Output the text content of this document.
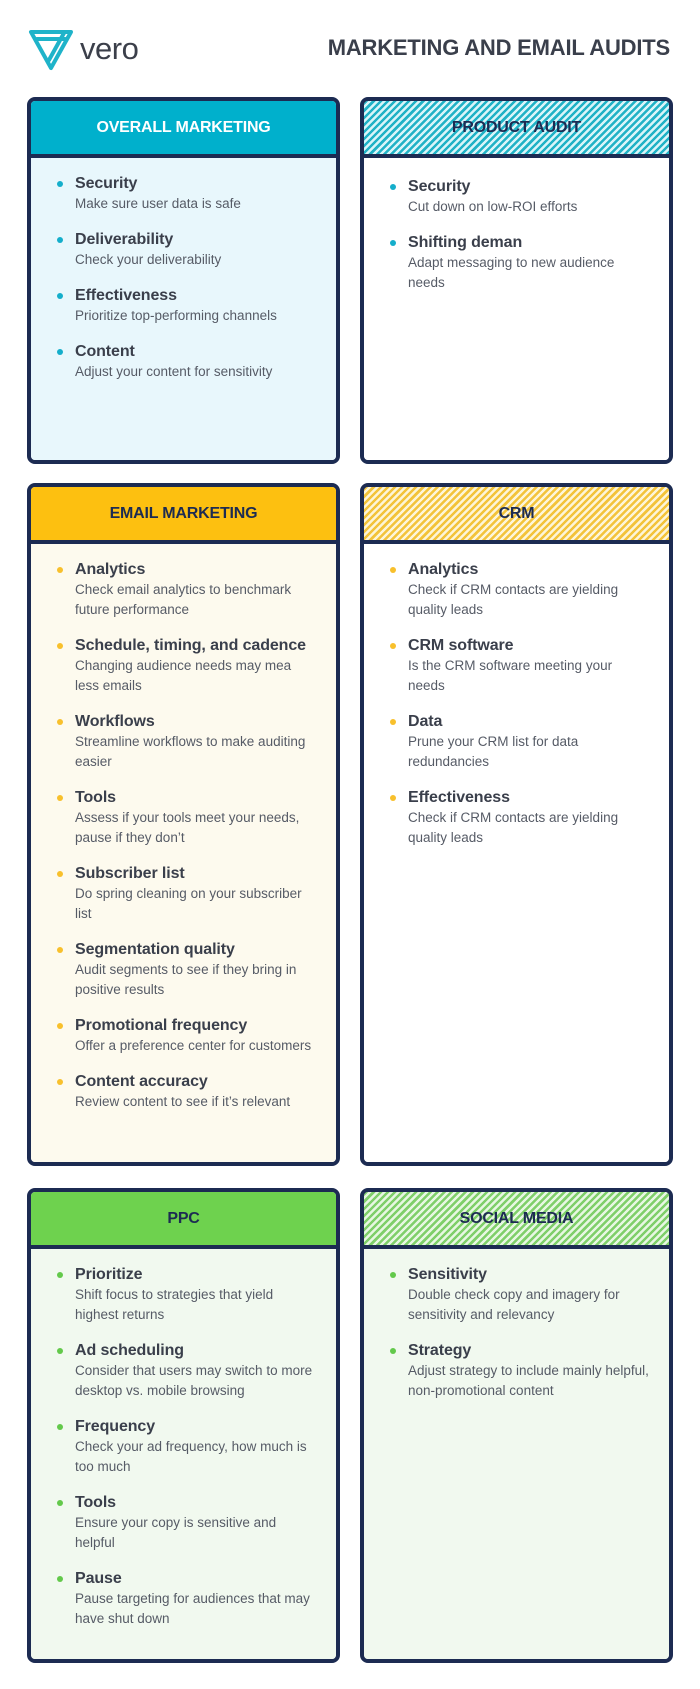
vero	MARKETING AND EMAIL AUDITS
OVERALL MARKETING
Security
Make sure user data is safe
Deliverability
Check your deliverability
Effectiveness
Prioritize top-performing channels
Content
Adjust your content for sensitivity
PRODUCT AUDIT
Security
Cut down on low-ROI efforts
Shifting deman
Adapt messaging to new audience needs
EMAIL MARKETING
Analytics
Check email analytics to benchmark future performance
Schedule, timing, and cadence
Changing audience needs may mea less emails
Workflows
Streamline workflows to make auditing easier
Tools
Assess if your tools meet your needs, pause if they don’t
Subscriber list
Do spring cleaning on your subscriber list
Segmentation quality
Audit segments to see if they bring in positive results
Promotional frequency
Offer a preference center for customers
Content accuracy
Review content to see if it’s relevant
CRM
Analytics
Check if CRM contacts are yielding quality leads
CRM software
Is the CRM software meeting your needs
Data
Prune your CRM list for data redundancies
Effectiveness
Check if CRM contacts are yielding quality leads
PPC
Prioritize
Shift focus to strategies that yield highest returns
Ad scheduling
Consider that users may switch to more desktop vs. mobile browsing
Frequency
Check your ad frequency, how much is too much
Tools
Ensure your copy is sensitive and helpful
Pause
Pause targeting for audiences that may have shut down
SOCIAL MEDIA
Sensitivity
Double check copy and imagery for sensitivity and relevancy
Strategy
Adjust strategy to include mainly helpful, non-promotional content
